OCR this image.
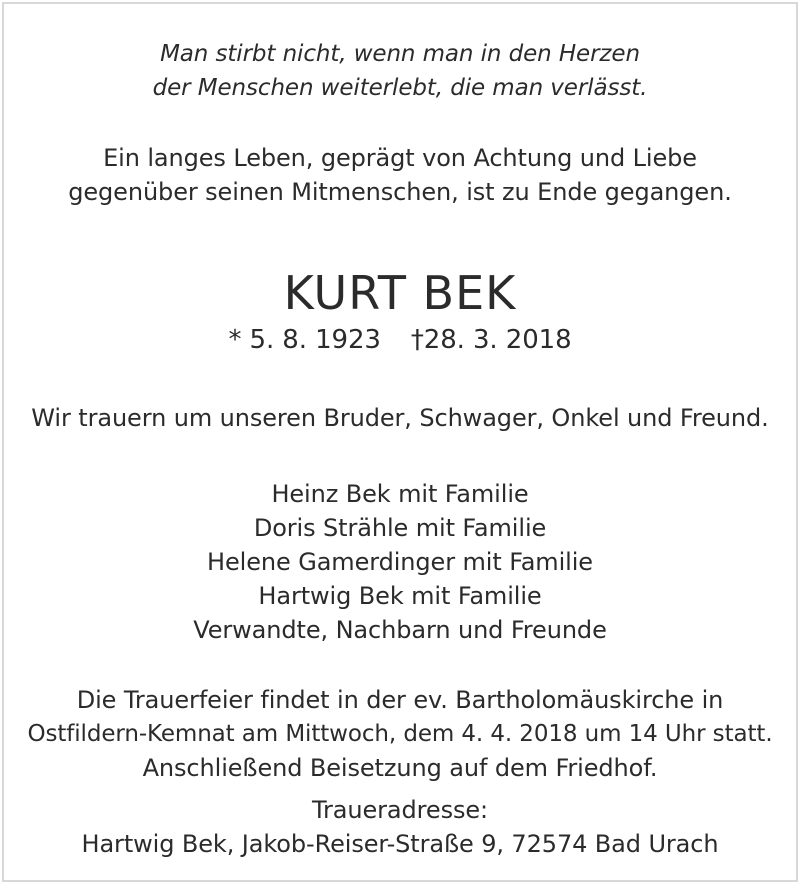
Man stirbt nicht, wenn man in den Herzen
der Menschen weiterlebt, die man verlässt.
Ein langes Leben, geprägt von Achtung und Liebe
gegenüber seinen Mitmenschen, ist zu Ende gegangen.
KURT BEK
* 5. 8. 1923 †28. 3. 2018
Wir trauern um unseren Bruder, Schwager, Onkel und Freund.
Heinz Bek mit Familie
Doris Strähle mit Familie
Helene Gamerdinger mit Familie
Hartwig Bek mit Familie
Verwandte, Nachbarn und Freunde
Die Trauerfeier findet in der ev. Bartholomäuskirche in
Ostfildern-Kemnat am Mittwoch, dem 4. 4. 2018 um 14 Uhr statt.
Anschließend Beisetzung auf dem Friedhof.
Traueradresse:
Hartwig Bek, Jakob-Reiser-Straße 9, 72574 Bad Urach
